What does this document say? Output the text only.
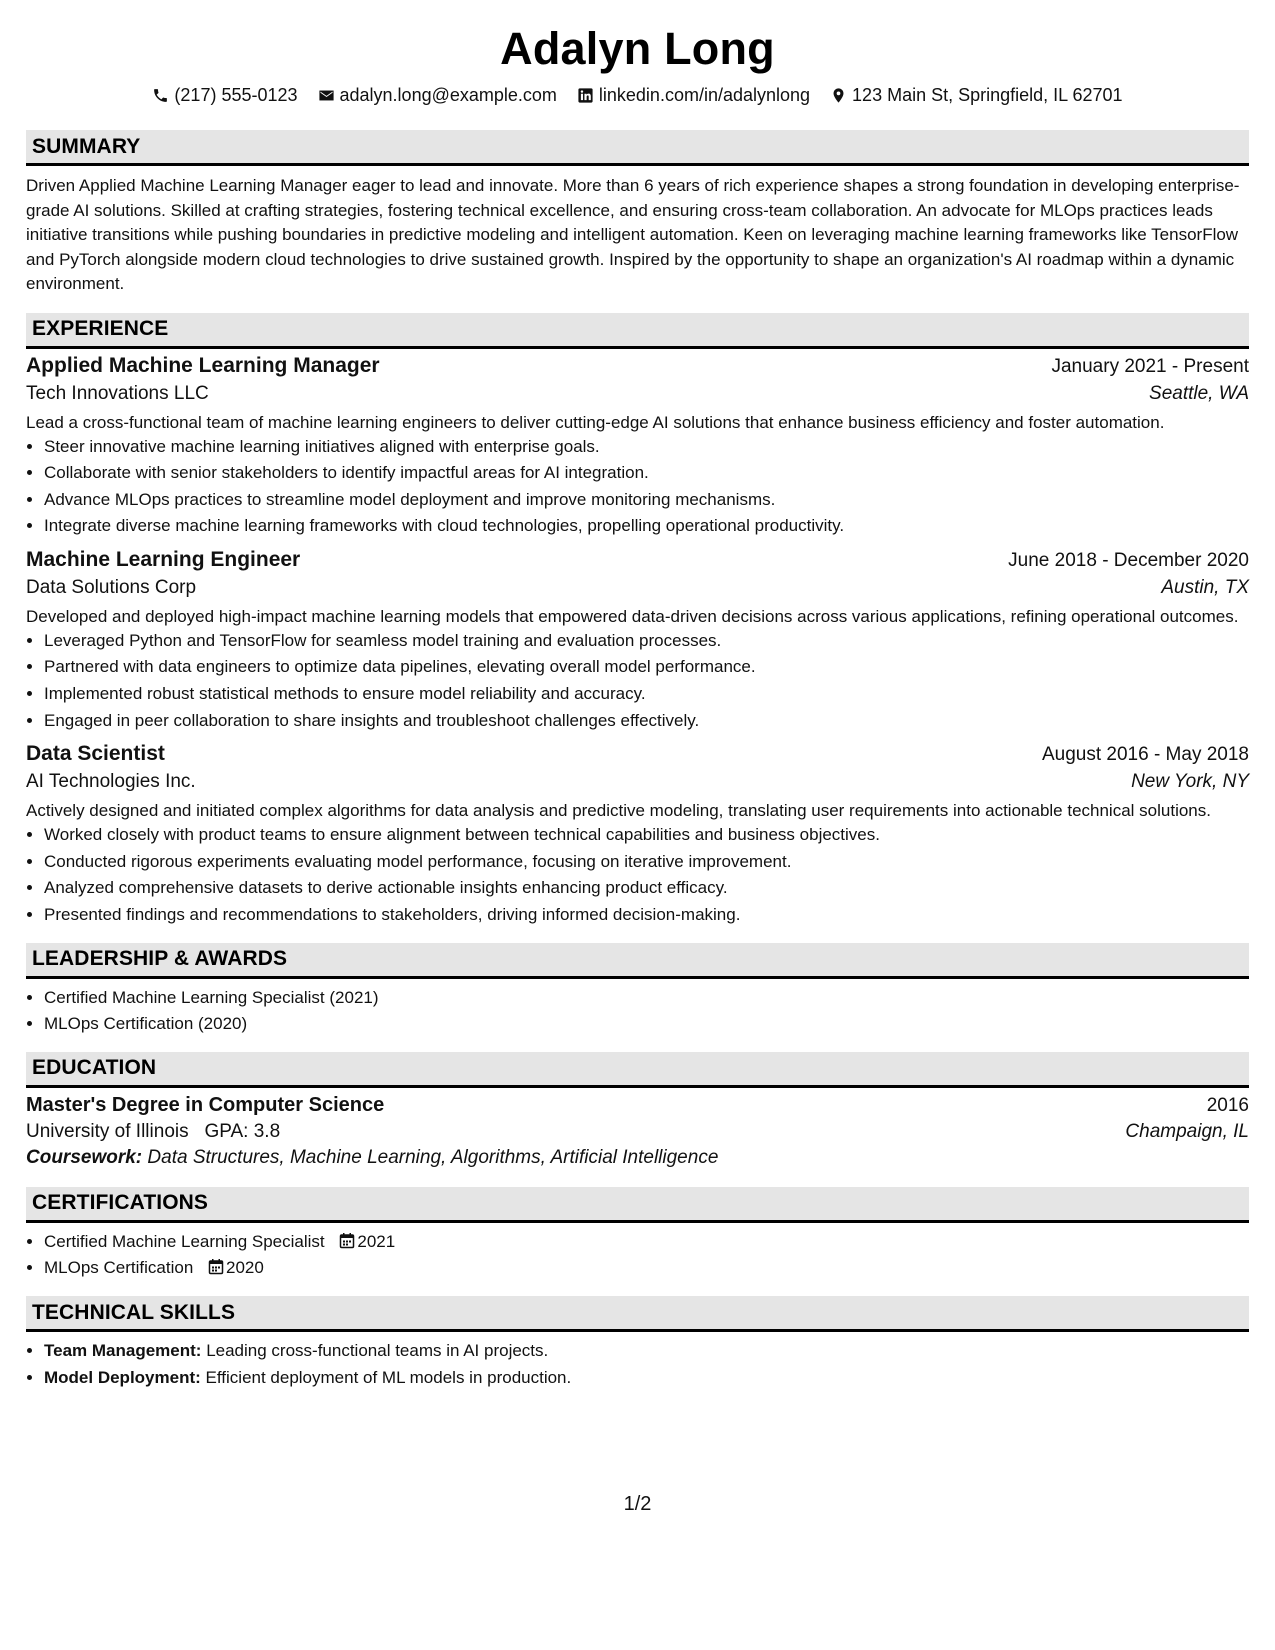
Adalyn Long
(217) 555-0123 adalyn.long@example.com linkedin.com/in/adalynlong 123 Main St, Springfield, IL 62701
SUMMARY

Driven Applied Machine Learning Manager eager to lead and innovate. More than 6 years of rich experience shapes a strong foundation in developing enterprise-grade AI solutions. Skilled at crafting strategies, fostering technical excellence, and ensuring cross-team collaboration. An advocate for MLOps practices leads initiative transitions while pushing boundaries in predictive modeling and intelligent automation. Keen on leveraging machine learning frameworks like TensorFlow and PyTorch alongside modern cloud technologies to drive sustained growth. Inspired by the opportunity to shape an organization's AI roadmap within a dynamic environment.

EXPERIENCE
Applied Machine Learning Manager	January 2021 - Present
Tech Innovations LLC	Seattle, WA

Lead a cross-functional team of machine learning engineers to deliver cutting-edge AI solutions that enhance business efficiency and foster automation.

• Steer innovative machine learning initiatives aligned with enterprise goals.
• Collaborate with senior stakeholders to identify impactful areas for AI integration.
• Advance MLOps practices to streamline model deployment and improve monitoring mechanisms.
• Integrate diverse machine learning frameworks with cloud technologies, propelling operational productivity.
Machine Learning Engineer	June 2018 - December 2020
Data Solutions Corp	Austin, TX

Developed and deployed high-impact machine learning models that empowered data-driven decisions across various applications, refining operational outcomes.

• Leveraged Python and TensorFlow for seamless model training and evaluation processes.
• Partnered with data engineers to optimize data pipelines, elevating overall model performance.
• Implemented robust statistical methods to ensure model reliability and accuracy.
• Engaged in peer collaboration to share insights and troubleshoot challenges effectively.
Data Scientist	August 2016 - May 2018
AI Technologies Inc.	New York, NY

Actively designed and initiated complex algorithms for data analysis and predictive modeling, translating user requirements into actionable technical solutions.

• Worked closely with product teams to ensure alignment between technical capabilities and business objectives.
• Conducted rigorous experiments evaluating model performance, focusing on iterative improvement.
• Analyzed comprehensive datasets to derive actionable insights enhancing product efficacy.
• Presented findings and recommendations to stakeholders, driving informed decision-making.
LEADERSHIP & AWARDS
• Certified Machine Learning Specialist (2021)
• MLOps Certification (2020)
EDUCATION
Master's Degree in Computer Science	2016
University of Illinois GPA: 3.8	Champaign, IL
Coursework: Data Structures, Machine Learning, Algorithms, Artificial Intelligence
CERTIFICATIONS
• Certified Machine Learning Specialist 2021
• MLOps Certification 2020
TECHNICAL SKILLS
• Team Management: Leading cross-functional teams in AI projects.
• Model Deployment: Efficient deployment of ML models in production.
1/2
